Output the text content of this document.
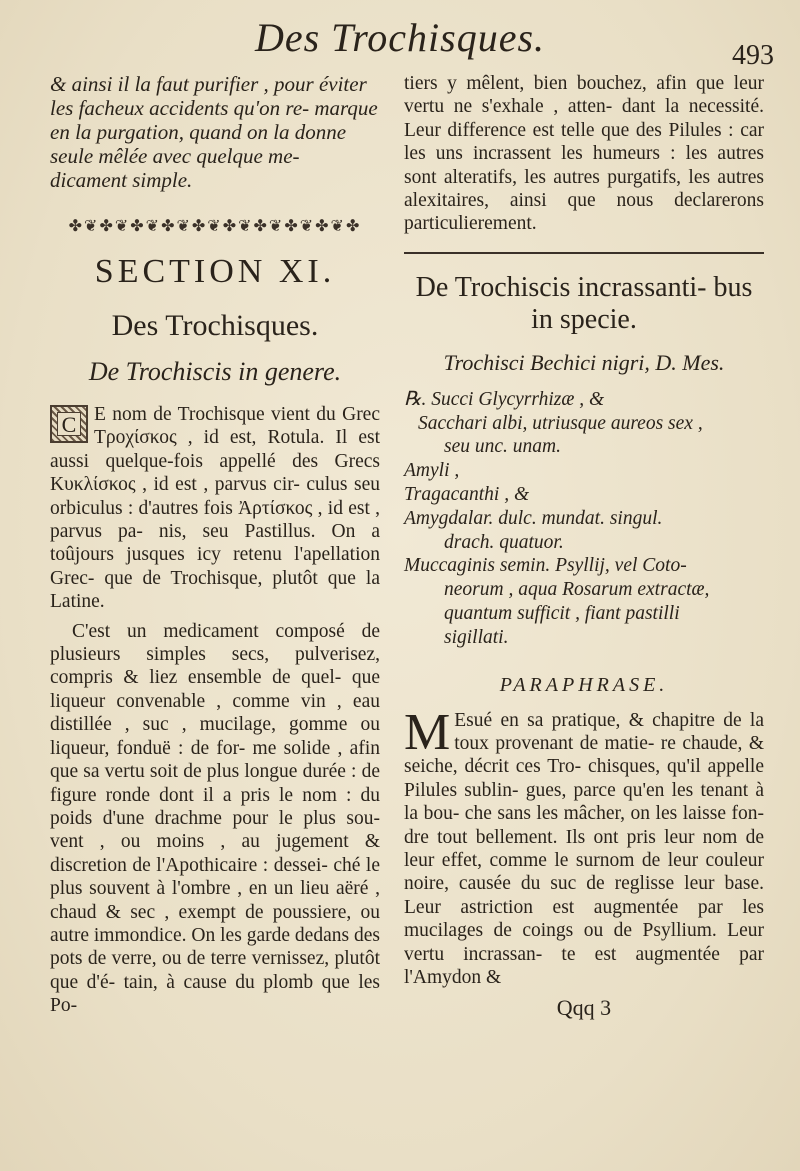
Des Trochisques.	493

& ainsi il la faut purifier , pour éviter les facheux accidents qu'on re- marque en la purgation, quand on la donne seule mêlée avec quelque me- dicament simple.

✤❦✤❦✤❦✤❦✤❦✤❦✤❦✤❦✤❦✤
SECTION XI.
Des Trochisques.
De Trochiscis in genere.

C E nom de Trochisque vient du Grec Τροχίσκος , id est, Rotula. Il est aussi quelque-fois appellé des Grecs Κυκλίσκος , id est , parvus cir- culus seu orbiculus : d'autres fois Ἀρτίσκος , id est , parvus pa- nis, seu Pastillus. On a toûjours jusques icy retenu l'apellation Grec- que de Trochisque, plutôt que la Latine.

C'est un medicament composé de plusieurs simples secs, pulverisez, compris & liez ensemble de quel- que liqueur convenable , comme vin , eau distillée , suc , mucilage, gomme ou liqueur, fonduë : de for- me solide , afin que sa vertu soit de plus longue durée : de figure ronde dont il a pris le nom : du poids d'une drachme pour le plus sou- vent , ou moins , au jugement & discretion de l'Apothicaire : dessei- ché le plus souvent à l'ombre , en un lieu aëré , chaud & sec , exempt de poussiere, ou autre immondice. On les garde dedans des pots de verre, ou de terre vernissez, plutôt que d'é- tain, à cause du plomb que les Po-

tiers y mêlent, bien bouchez, afin que leur vertu ne s'exhale , atten- dant la necessité. Leur difference est telle que des Pilules : car les uns incrassent les humeurs : les autres sont alteratifs, les autres purgatifs, les autres alexitaires, ainsi que nous declarerons particulierement.

De Trochiscis incrassanti- bus in specie.
Trochisci Bechici nigri, D. Mes.
℞. Succi Glycyrrhizæ , &
Sacchari albi, utriusque aureos sex ,
seu unc. unam.
Amyli ,
Tragacanthi , &
Amygdalar. dulc. mundat. singul.
drach. quatuor.
Muccaginis semin. Psyllij, vel Coto-
neorum , aqua Rosarum extractæ,
quantum sufficit , fiant pastilli
sigillati.
PARAPHRASE.

M Esué en sa pratique, & chapitre de la toux provenant de matie- re chaude, & seiche, décrit ces Tro- chisques, qu'il appelle Pilules sublin- gues, parce qu'en les tenant à la bou- che sans les mâcher, on les laisse fon- dre tout bellement. Ils ont pris leur nom de leur effet, comme le surnom de leur couleur noire, causée du suc de reglisse leur base. Leur astriction est augmentée par les mucilages de coings ou de Psyllium. Leur vertu incrassan- te est augmentée par l'Amydon &

Qqq 3
